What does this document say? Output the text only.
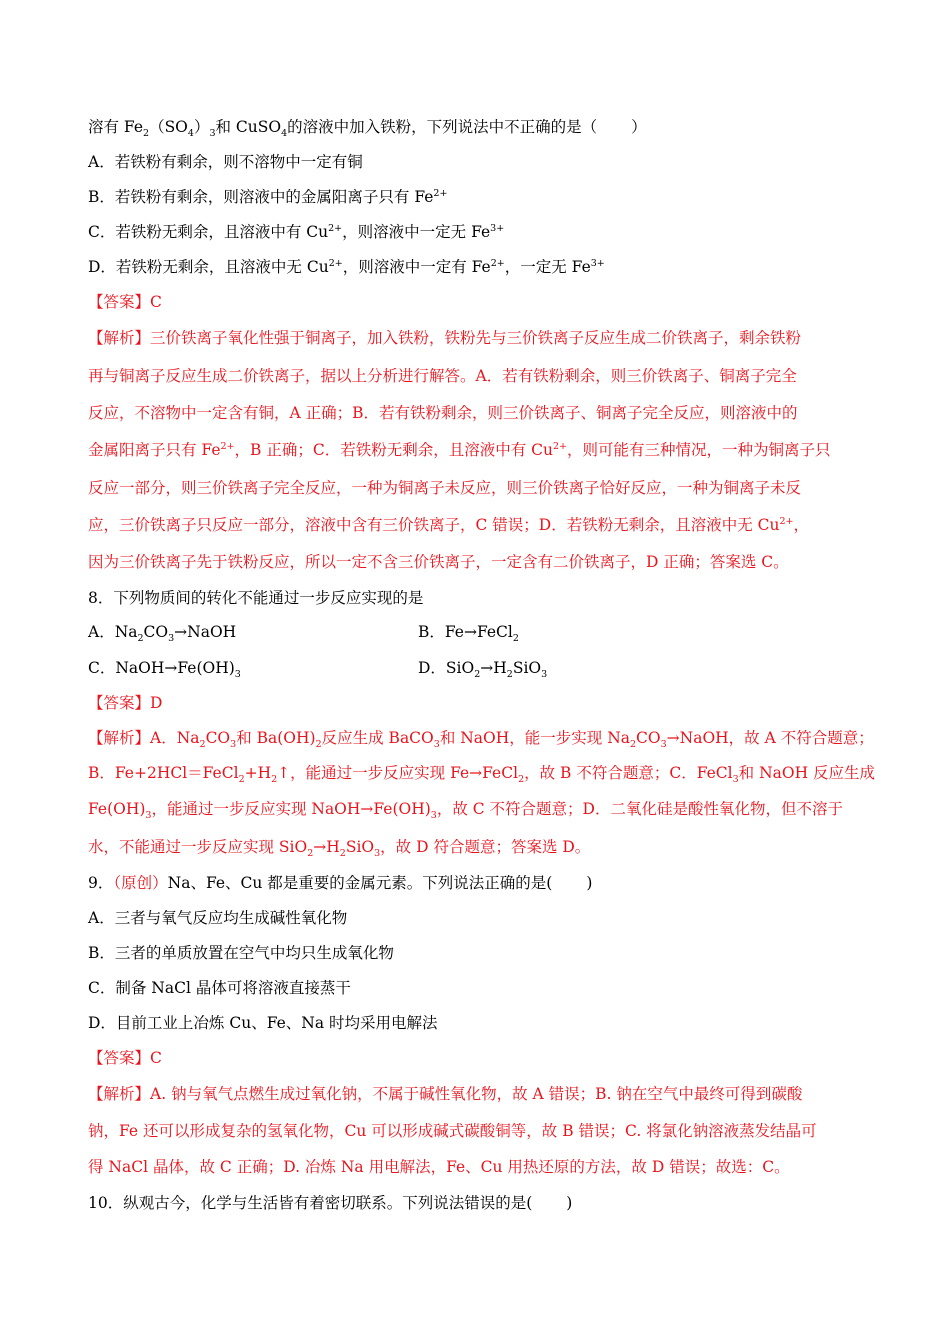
溶有 $Fe_2(SO_4)_3$和 CuSO$_4$的溶液中加入铁粉，下列说法中不正确的是（ ）
A．若铁粉有剩余，则不溶物中一定有铜
B．若铁粉有剩余，则溶液中的金属阳离子只有 $Fe^{2+}$
C．若铁粉无剩余，且溶液中有 $Cu^{2+}$，则溶液中一定无 $Fe^{3+}$
D．若铁粉无剩余，且溶液中无 $Cu^{2+}$，则溶液中一定有 $Fe^{2+}$，一定无 $Fe^{3+}$
【答案】C
【解析】三价铁离子氧化性强于铜离子，加入铁粉，铁粉先与三价铁离子反应生成二价铁离子，剩余铁粉
再与铜离子反应生成二价铁离子，据以上分析进行解答。A．若有铁粉剩余，则三价铁离子、铜离子完全
反应，不溶物中一定含有铜，A 正确；B．若有铁粉剩余，则三价铁离子、铜离子完全反应，则溶液中的
金属阳离子只有 $Fe^{2+}$，B 正确；C．若铁粉无剩余，且溶液中有 $Cu^{2+}$，则可能有三种情况，一种为铜离子只
反应一部分，则三价铁离子完全反应，一种为铜离子未反应，则三价铁离子恰好反应，一种为铜离子未反
应，三价铁离子只反应一部分，溶液中含有三价铁离子，C 错误；D．若铁粉无剩余，且溶液中无 $Cu^{2+}$，
因为三价铁离子先于铁粉反应，所以一定不含三价铁离子，一定含有二价铁离子，D 正确；答案选 C。
8．下列物质间的转化不能通过一步反应实现的是
A．$Na_2CO_3\to NaOH$	B．Fe→FeCl$_2$
C．$NaOH\to Fe(OH)_3$	D．$SiO_2\to H_2SiO_3$
【答案】D
【解析】A．$Na_2CO_3$和 $Ba(OH)_2$反应生成 BaCO$_3$和 NaOH，能一步实现 $Na_2CO_3\to NaOH$，故 A 不符合题意；
B．$Fe+2HCl=FeCl_2+H_2↑$，能通过一步反应实现 Fe→FeCl$_2$，故 B 不符合题意；C．FeCl$_3$和 NaOH 反应生成
$Fe(OH)_3$，能通过一步反应实现 $NaOH\to Fe(OH)_3$，故 C 不符合题意；D．二氧化硅是酸性氧化物，但不溶于
水，不能通过一步反应实现 $SiO_2\to H_2SiO_3$，故 D 符合题意；答案选 D。
9．（原创）Na、Fe、Cu 都是重要的金属元素。下列说法正确的是( )
A．三者与氧气反应均生成碱性氧化物
B．三者的单质放置在空气中均只生成氧化物
C．制备 NaCl 晶体可将溶液直接蒸干
D．目前工业上冶炼 Cu、Fe、Na 时均采用电解法
【答案】C
【解析】A. 钠与氧气点燃生成过氧化钠，不属于碱性氧化物，故 A 错误；B. 钠在空气中最终可得到碳酸
钠，Fe 还可以形成复杂的氢氧化物，Cu 可以形成碱式碳酸铜等，故 B 错误；C. 将氯化钠溶液蒸发结晶可
得 NaCl 晶体，故 C 正确；D. 冶炼 Na 用电解法，Fe、Cu 用热还原的方法，故 D 错误；故选：C。
10．纵观古今，化学与生活皆有着密切联系。下列说法错误的是( )
